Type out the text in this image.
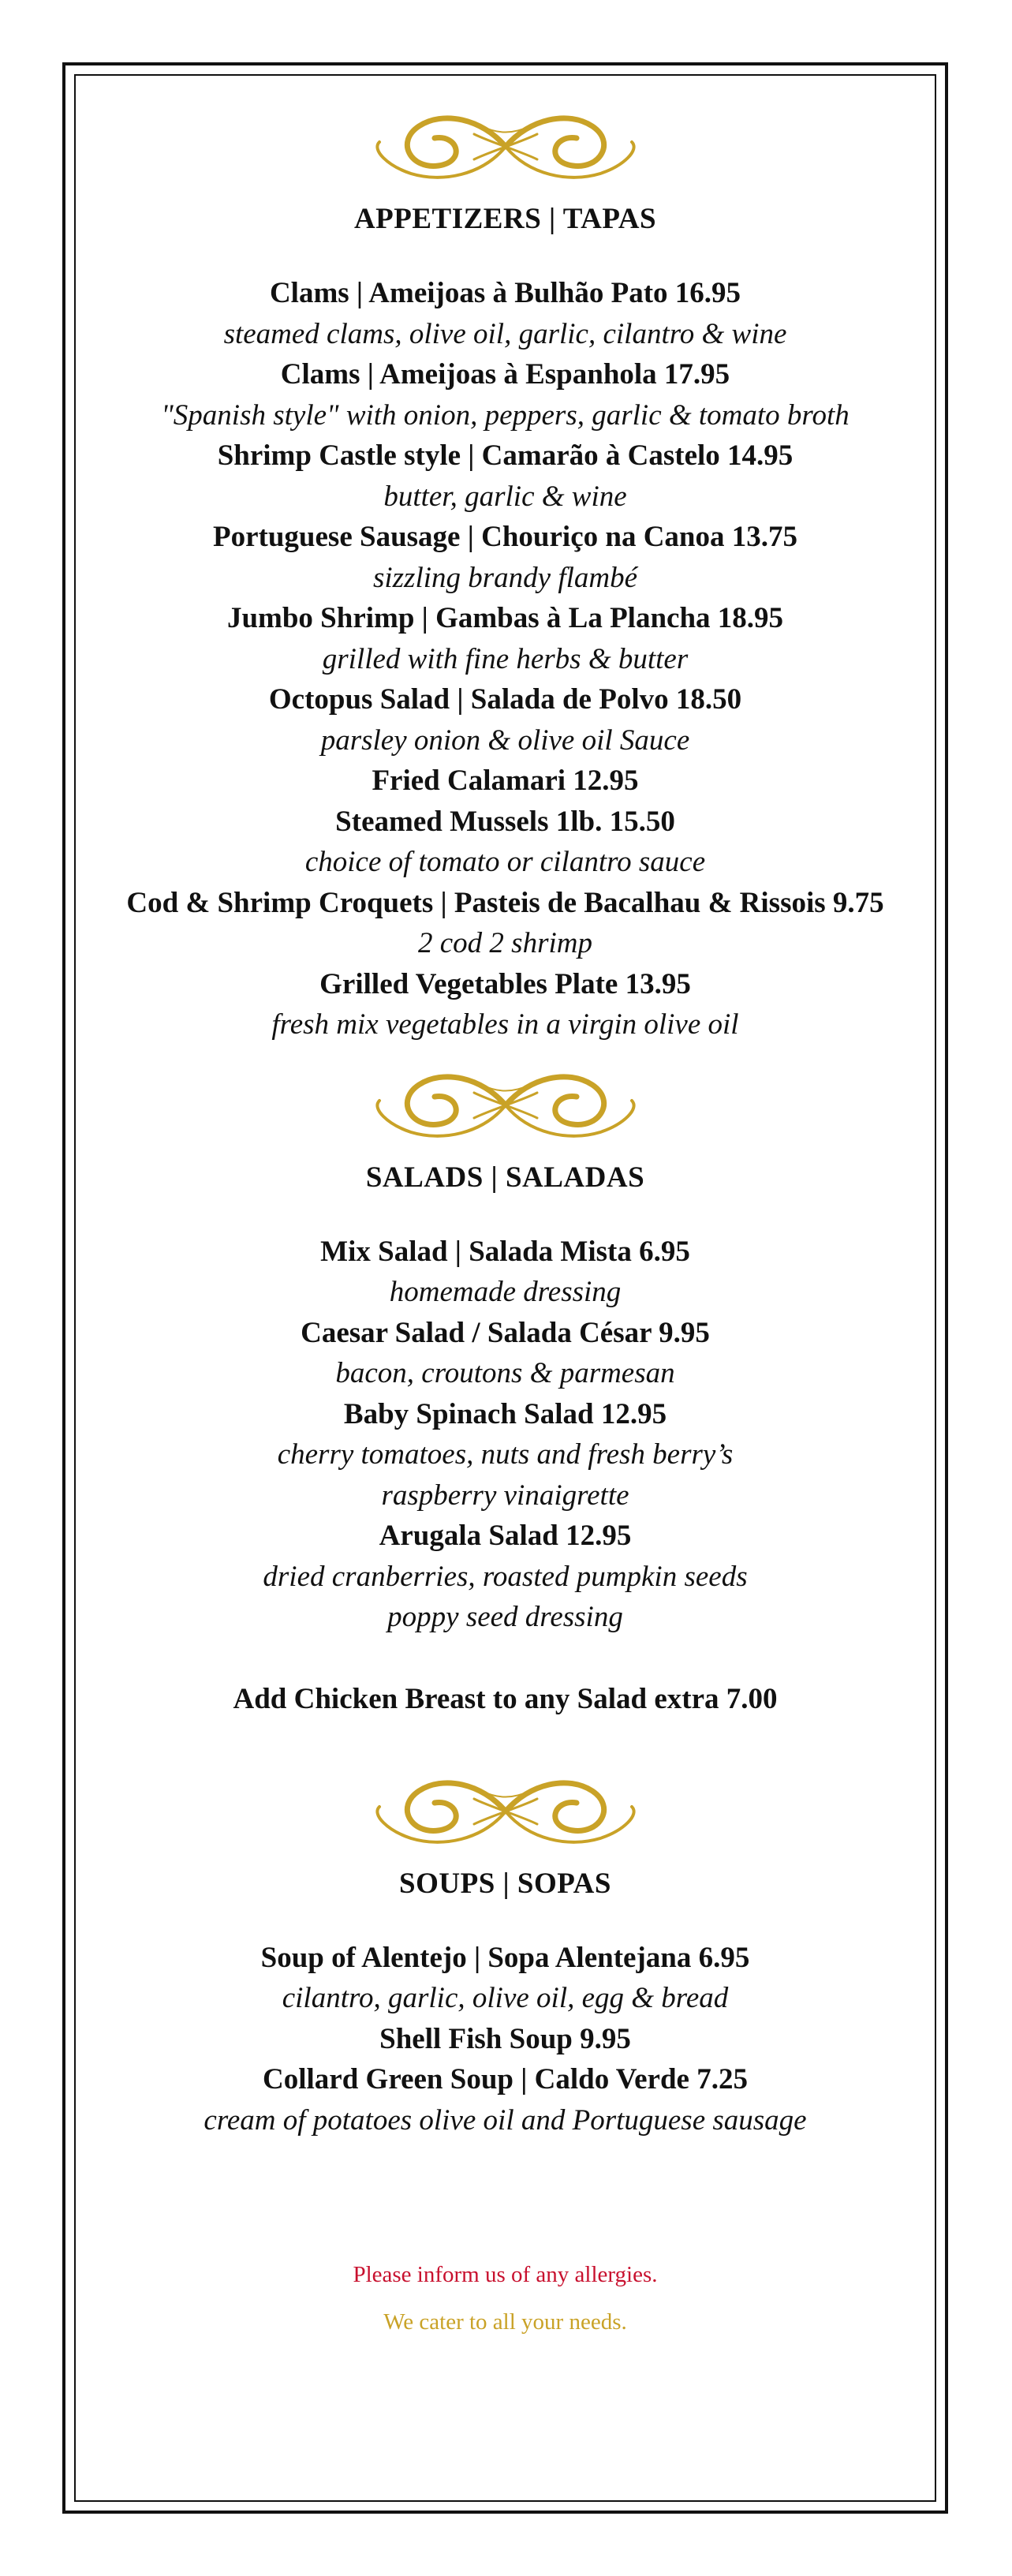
APPETIZERS | TAPAS
Clams | Ameijoas à Bulhão Pato 16.95
steamed clams, olive oil, garlic, cilantro & wine
Clams | Ameijoas à Espanhola 17.95
"Spanish style" with onion, peppers, garlic & tomato broth
Shrimp Castle style | Camarão à Castelo 14.95
butter, garlic & wine
Portuguese Sausage | Chouriço na Canoa 13.75
sizzling brandy flambé
Jumbo Shrimp | Gambas à La Plancha 18.95
grilled with fine herbs & butter
Octopus Salad | Salada de Polvo 18.50
parsley onion & olive oil Sauce
Fried Calamari 12.95
Steamed Mussels 1lb. 15.50
choice of tomato or cilantro sauce
Cod & Shrimp Croquets | Pasteis de Bacalhau & Rissois 9.75
2 cod 2 shrimp
Grilled Vegetables Plate 13.95
fresh mix vegetables in a virgin olive oil
SALADS | SALADAS
Mix Salad | Salada Mista 6.95
homemade dressing
Caesar Salad / Salada César 9.95
bacon, croutons & parmesan
Baby Spinach Salad 12.95
cherry tomatoes, nuts and fresh berry’s
raspberry vinaigrette
Arugala Salad 12.95
dried cranberries, roasted pumpkin seeds
poppy seed dressing
Add Chicken Breast to any Salad extra 7.00
SOUPS | SOPAS
Soup of Alentejo | Sopa Alentejana 6.95
cilantro, garlic, olive oil, egg & bread
Shell Fish Soup 9.95
Collard Green Soup | Caldo Verde 7.25
cream of potatoes olive oil and Portuguese sausage
Please inform us of any allergies.
We cater to all your needs.
